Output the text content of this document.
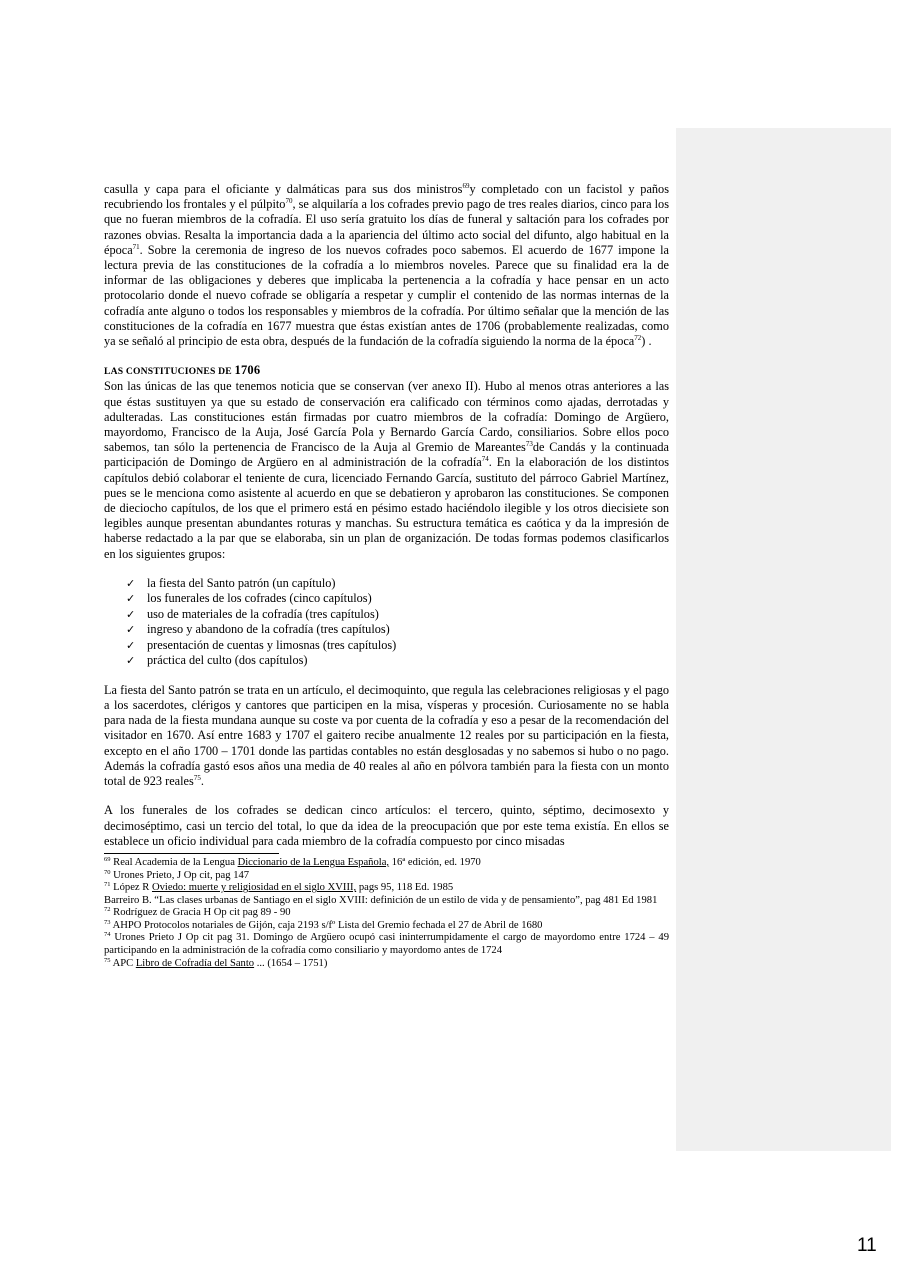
casulla y capa para el oficiante y dalmáticas para sus dos ministros$^{69}$y completado con un facistol y paños recubriendo los frontales y el púlpito$^{70}$, se alquilaría a los cofrades previo pago de tres reales diarios, cinco para los que no fueran miembros de la cofradía. El uso sería gratuito los días de funeral y saltación para los cofrades por razones obvias. Resalta la importancia dada a la apariencia del último acto social del difunto, algo habitual en la época$^{71}$. Sobre la ceremonia de ingreso de los nuevos cofrades poco sabemos. El acuerdo de 1677 impone la lectura previa de las constituciones de la cofradía a lo miembros noveles. Parece que su finalidad era la de informar de las obligaciones y deberes que implicaba la pertenencia a la cofradía y hace pensar en un acto protocolario donde el nuevo cofrade se obligaría a respetar y cumplir el contenido de las normas internas de la cofradía ante alguno o todos los responsables y miembros de la cofradía. Por último señalar que la mención de las constituciones de la cofradía en 1677 muestra que éstas existían antes de 1706 (probablemente realizadas, como ya se señaló al principio de esta obra, después de la fundación de la cofradía siguiendo la norma de la época$^{72}$) .

LAS CONSTITUCIONES DE 1706

Son las únicas de las que tenemos noticia que se conservan (ver anexo II). Hubo al menos otras anteriores a las que éstas sustituyen ya que su estado de conservación era calificado con términos como ajadas, derrotadas y adulteradas. Las constituciones están firmadas por cuatro miembros de la cofradía: Domingo de Argüero, mayordomo, Francisco de la Auja, José García Pola y Bernardo García Cardo, consiliarios. Sobre ellos poco sabemos, tan sólo la pertenencia de Francisco de la Auja al Gremio de Mareantes$^{73}$de Candás y la continuada participación de Domingo de Argüero en al administración de la cofradía$^{74}$. En la elaboración de los distintos capítulos debió colaborar el teniente de cura, licenciado Fernando García, sustituto del párroco Gabriel Martínez, pues se le menciona como asistente al acuerdo en que se debatieron y aprobaron las constituciones. Se componen de dieciocho capítulos, de los que el primero está en pésimo estado haciéndolo ilegible y los otros diecisiete son legibles aunque presentan abundantes roturas y manchas. Su estructura temática es caótica y da la impresión de haberse redactado a la par que se elaboraba, sin un plan de organización. De todas formas podemos clasificarlos en los siguientes grupos:

✓ la fiesta del Santo patrón (un capítulo)
✓ los funerales de los cofrades (cinco capítulos)
✓ uso de materiales de la cofradía (tres capítulos)
✓ ingreso y abandono de la cofradía (tres capítulos)
✓ presentación de cuentas y limosnas (tres capítulos)
✓ práctica del culto (dos capítulos)

La fiesta del Santo patrón se trata en un artículo, el decimoquinto, que regula las celebraciones religiosas y el pago a los sacerdotes, clérigos y cantores que participen en la misa, vísperas y procesión. Curiosamente no se habla para nada de la fiesta mundana aunque su coste va por cuenta de la cofradía y eso a pesar de la recomendación del visitador en 1670. Así entre 1683 y 1707 el gaitero recibe anualmente 12 reales por su participación en la fiesta, excepto en el año 1700 – 1701 donde las partidas contables no están desglosadas y no sabemos si hubo o no pago. Además la cofradía gastó esos años una media de 40 reales al año en pólvora también para la fiesta con un monto total de 923 reales$^{75}$.

A los funerales de los cofrades se dedican cinco artículos: el tercero, quinto, séptimo, decimosexto y decimoséptimo, casi un tercio del total, lo que da idea de la preocupación que por este tema existía. En ellos se establece un oficio individual para cada miembro de la cofradía compuesto por cinco misadas

$^{69}$ Real Academia de la Lengua Diccionario de la Lengua Española, 16ª edición, ed. 1970

$^{70}$ Urones Prieto, J Op cit, pag 147

$^{71}$ López R Oviedo: muerte y religiosidad en el siglo XVIII, pags 95, 118 Ed. 1985

Barreiro B. “Las clases urbanas de Santiago en el siglo XVIII: definición de un estilo de vida y de pensamiento”, pag 481 Ed 1981

$^{72}$ Rodríguez de Gracia H Op cit pag 89 - 90

$^{73}$ AHPO Protocolos notariales de Gijón, caja 2193 s/fº Lista del Gremio fechada el 27 de Abril de 1680

$^{74}$ Urones Prieto J Op cit pag 31. Domingo de Argüero ocupó casi ininterrumpidamente el cargo de mayordomo entre 1724 – 49 participando en la administración de la cofradía como consiliario y mayordomo antes de 1724

$^{75}$ APC Libro de Cofradía del Santo ... (1654 – 1751)

11
